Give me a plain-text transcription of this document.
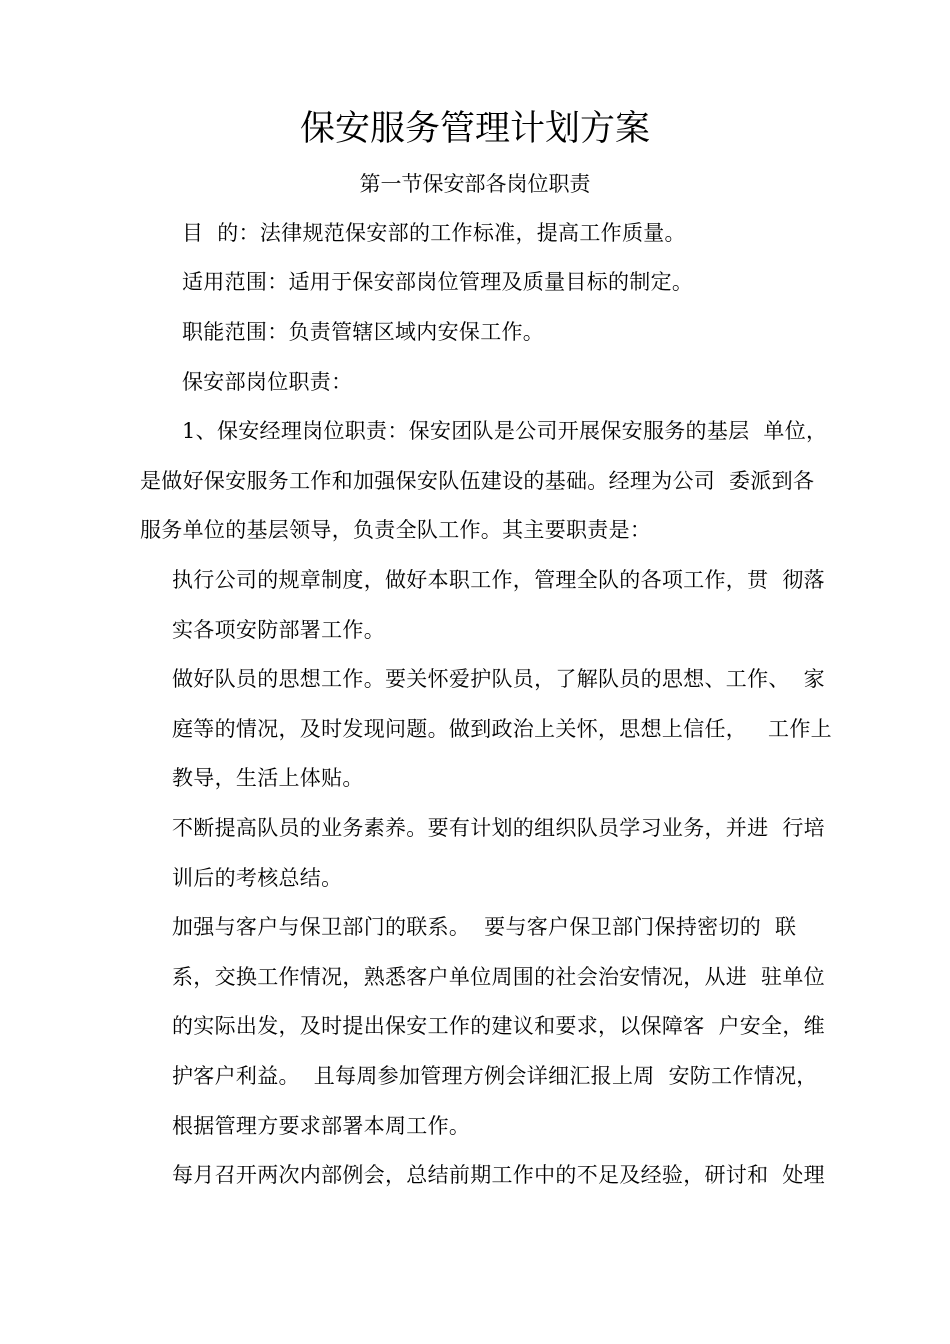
保安服务管理计划方案
第一节保安部各岗位职责
目  的：法律规范保安部的工作标准，提高工作质量。
适用范围：适用于保安部岗位管理及质量目标的制定。
职能范围：负责管辖区域内安保工作。
保安部岗位职责：
1、保安经理岗位职责：保安团队是公司开展保安服务的基层  单位，
是做好保安服务工作和加强保安队伍建设的基础。经理为公司  委派到各
服务单位的基层领导，负责全队工作。其主要职责是：
执行公司的规章制度，做好本职工作，管理全队的各项工作，贯  彻落
实各项安防部署工作。
做好队员的思想工作。要关怀爱护队员，了解队员的思想、工作、  家
庭等的情况，及时发现问题。做到政治上关怀，思想上信任，   工作上
教导，生活上体贴。
不断提高队员的业务素养。要有计划的组织队员学习业务，并进  行培
训后的考核总结。
加强与客户与保卫部门的联系。  要与客户保卫部门保持密切的  联
系，交换工作情况，熟悉客户单位周围的社会治安情况，从进  驻单位
的实际出发，及时提出保安工作的建议和要求，以保障客  户安全，维
护客户利益。  且每周参加管理方例会详细汇报上周  安防工作情况，
根据管理方要求部署本周工作。
每月召开两次内部例会，总结前期工作中的不足及经验，研讨和  处理
